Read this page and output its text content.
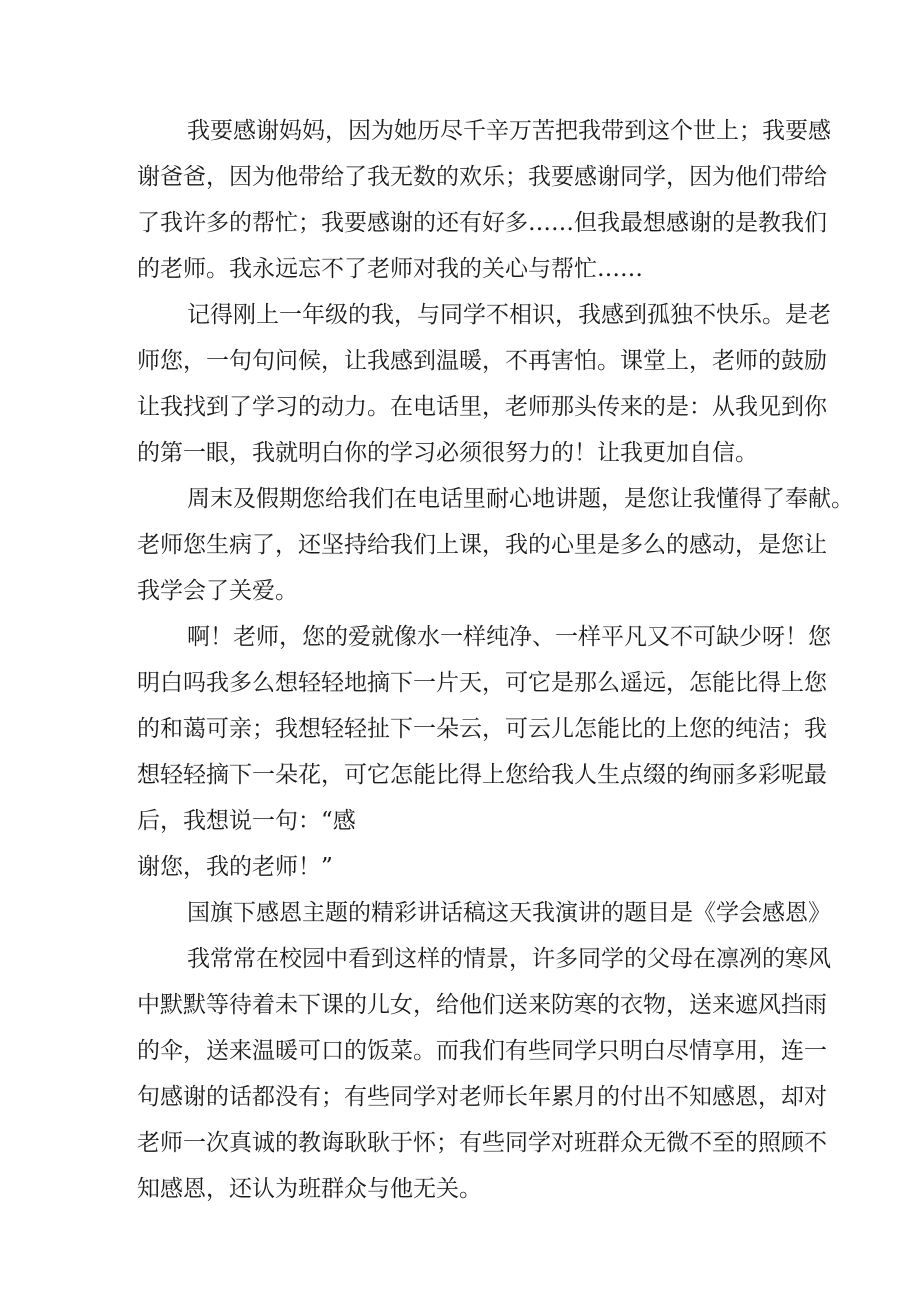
我要感谢妈妈，因为她历尽千辛万苦把我带到这个世上；我要感
谢爸爸，因为他带给了我无数的欢乐；我要感谢同学，因为他们带给
了我许多的帮忙；我要感谢的还有好多……但我最想感谢的是教我们
的老师。我永远忘不了老师对我的关心与帮忙……
记得刚上一年级的我，与同学不相识，我感到孤独不快乐。是老
师您，一句句问候，让我感到温暖，不再害怕。课堂上，老师的鼓励
让我找到了学习的动力。在电话里，老师那头传来的是：从我见到你
的第一眼，我就明白你的学习必须很努力的！让我更加自信。
周末及假期您给我们在电话里耐心地讲题，是您让我懂得了奉献。
老师您生病了，还坚持给我们上课，我的心里是多么的感动，是您让
我学会了关爱。
啊！老师，您的爱就像水一样纯净、一样平凡又不可缺少呀！您
明白吗我多么想轻轻地摘下一片天，可它是那么遥远，怎能比得上您
的和蔼可亲；我想轻轻扯下一朵云，可云儿怎能比的上您的纯洁；我
想轻轻摘下一朵花，可它怎能比得上您给我人生点缀的绚丽多彩呢最
后，我想说一句：“感
谢您，我的老师！”
国旗下感恩主题的精彩讲话稿这天我演讲的题目是《学会感恩》
我常常在校园中看到这样的情景，许多同学的父母在凛冽的寒风
中默默等待着未下课的儿女，给他们送来防寒的衣物，送来遮风挡雨
的伞，送来温暖可口的饭菜。而我们有些同学只明白尽情享用，连一
句感谢的话都没有；有些同学对老师长年累月的付出不知感恩，却对
老师一次真诚的教诲耿耿于怀；有些同学对班群众无微不至的照顾不
知感恩，还认为班群众与他无关。
